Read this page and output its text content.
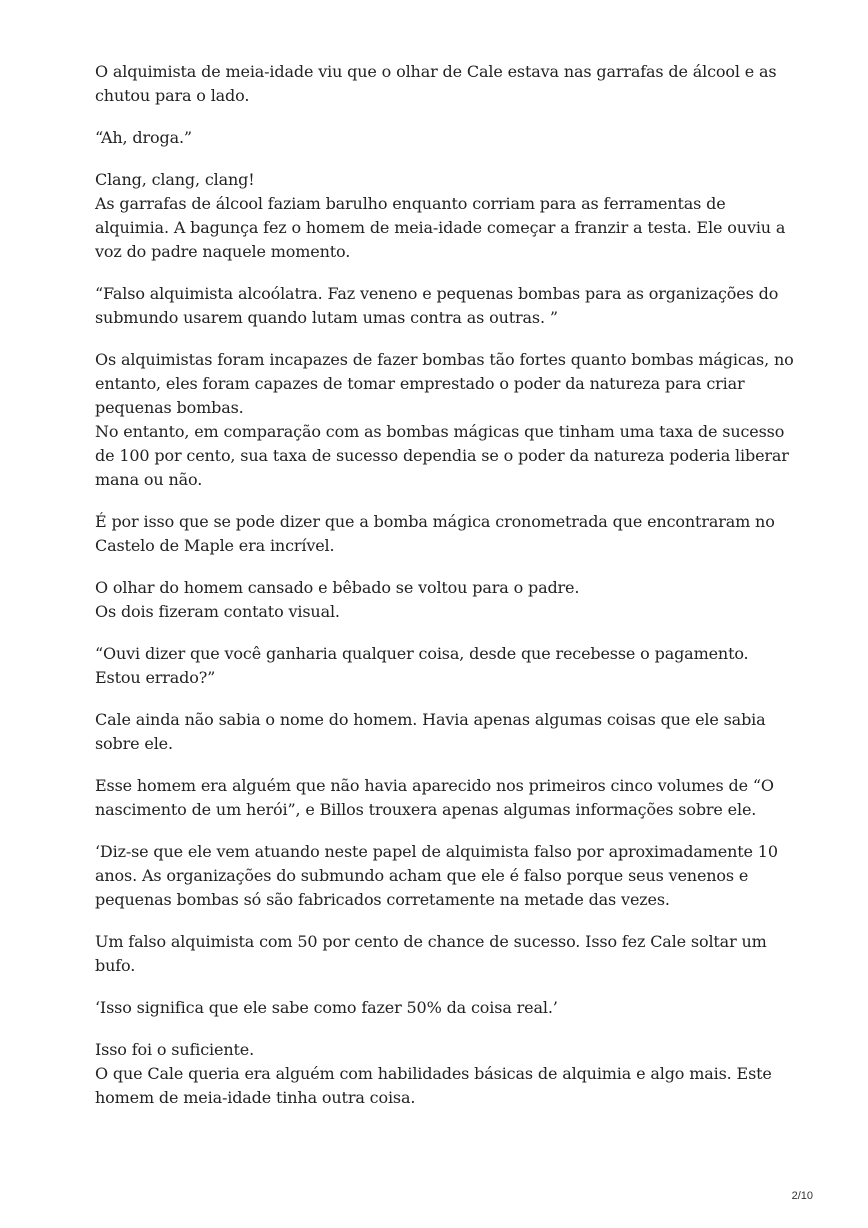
O alquimista de meia-idade viu que o olhar de Cale estava nas garrafas de álcool e as chutou para o lado.

“Ah, droga.”

Clang, clang, clang!
As garrafas de álcool faziam barulho enquanto corriam para as ferramentas de alquimia. A bagunça fez o homem de meia-idade começar a franzir a testa. Ele ouviu a voz do padre naquele momento.

“Falso alquimista alcoólatra. Faz veneno e pequenas bombas para as organizações do submundo usarem quando lutam umas contra as outras. ”

Os alquimistas foram incapazes de fazer bombas tão fortes quanto bombas mágicas, no entanto, eles foram capazes de tomar emprestado o poder da natureza para criar pequenas bombas.
No entanto, em comparação com as bombas mágicas que tinham uma taxa de sucesso de 100 por cento, sua taxa de sucesso dependia se o poder da natureza poderia liberar mana ou não.

É por isso que se pode dizer que a bomba mágica cronometrada que encontraram no Castelo de Maple era incrível.

O olhar do homem cansado e bêbado se voltou para o padre.
Os dois fizeram contato visual.

“Ouvi dizer que você ganharia qualquer coisa, desde que recebesse o pagamento. Estou errado?”

Cale ainda não sabia o nome do homem. Havia apenas algumas coisas que ele sabia sobre ele.

Esse homem era alguém que não havia aparecido nos primeiros cinco volumes de “O nascimento de um herói”, e Billos trouxera apenas algumas informações sobre ele.

‘Diz-se que ele vem atuando neste papel de alquimista falso por aproximadamente 10 anos. As organizações do submundo acham que ele é falso porque seus venenos e pequenas bombas só são fabricados corretamente na metade das vezes.

Um falso alquimista com 50 por cento de chance de sucesso. Isso fez Cale soltar um bufo.

‘Isso significa que ele sabe como fazer 50% da coisa real.’

Isso foi o suficiente.
O que Cale queria era alguém com habilidades básicas de alquimia e algo mais. Este homem de meia-idade tinha outra coisa.

2/10
